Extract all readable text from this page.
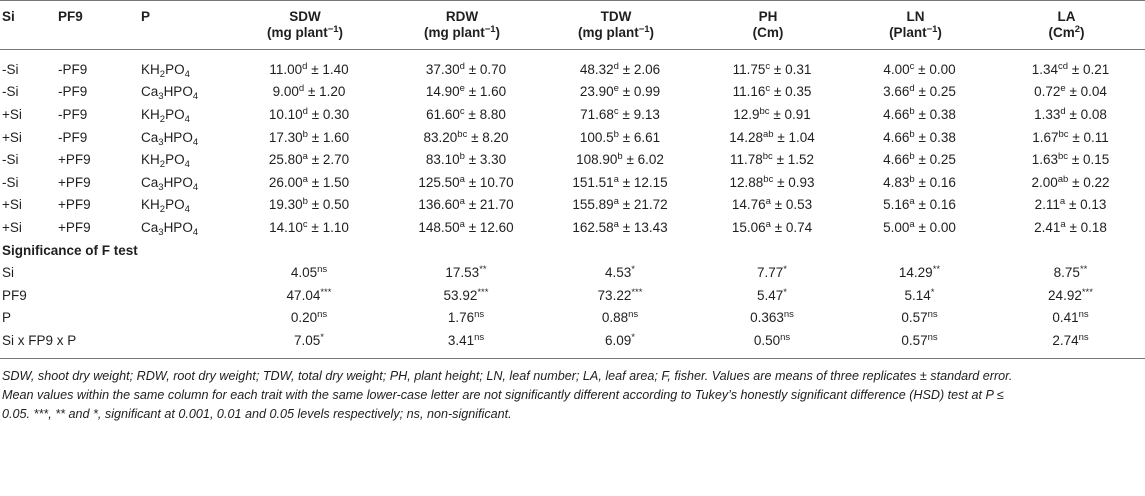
Si	PF9	P	SDW	RDW	TDW	PH	LN	LA
			(mg plant$^{-1}$)	(mg plant$^{-1}$)	(mg plant$^{-1}$)	(Cm)	(Plant$^{-1}$)	(Cm$^2$)
-Si	-PF9	$KH_2PO_4$	11.00$^d$ ± 1.40	37.30$^d$ ± 0.70	48.32$^d$ ± 2.06	11.75$^c$ ± 0.31	4.00$^c$ ± 0.00	1.34$^{cd}$ ± 0.21
-Si	-PF9	$Ca_3HPO_4$	9.00$^d$ ± 1.20	14.90$^e$ ± 1.60	23.90$^e$ ± 0.99	11.16$^c$ ± 0.35	3.66$^d$ ± 0.25	0.72$^e$ ± 0.04
+Si	-PF9	$KH_2PO_4$	10.10$^d$ ± 0.30	61.60$^c$ ± 8.80	71.68$^c$ ± 9.13	12.9$^{bc}$ ± 0.91	4.66$^b$ ± 0.38	1.33$^d$ ± 0.08
+Si	-PF9	$Ca_3HPO_4$	17.30$^b$ ± 1.60	83.20$^{bc}$ ± 8.20	100.5$^b$ ± 6.61	14.28$^{ab}$ ± 1.04	4.66$^b$ ± 0.38	1.67$^{bc}$ ± 0.11
-Si	+PF9	$KH_2PO_4$	25.80$^a$ ± 2.70	83.10$^b$ ± 3.30	108.90$^b$ ± 6.02	11.78$^{bc}$ ± 1.52	4.66$^b$ ± 0.25	1.63$^{bc}$ ± 0.15
-Si	+PF9	$Ca_3HPO_4$	26.00$^a$ ± 1.50	125.50$^a$ ± 10.70	151.51$^a$ ± 12.15	12.88$^{bc}$ ± 0.93	4.83$^b$ ± 0.16	2.00$^{ab}$ ± 0.22
+Si	+PF9	$KH_2PO_4$	19.30$^b$ ± 0.50	136.60$^a$ ± 21.70	155.89$^a$ ± 21.72	14.76$^a$ ± 0.53	5.16$^a$ ± 0.16	2.11$^a$ ± 0.13
+Si	+PF9	$Ca_3HPO_4$	14.10$^c$ ± 1.10	148.50$^a$ ± 12.60	162.58$^a$ ± 13.43	15.06$^a$ ± 0.74	5.00$^a$ ± 0.00	2.41$^a$ ± 0.18
Significance of F test								
Si			$4.05^{ns}$	17.53**	4.53*	7.77*	14.29**	8.75**
PF9			47.04***	53.92***	73.22***	5.47*	5.14*	24.92***
P			$0.20^{ns}$	$1.76^{ns}$	$0.88^{ns}$	$0.363^{ns}$	$0.57^{ns}$	$0.41^{ns}$
Si x FP9 x P			7.05*	$3.41^{ns}$	6.09*	$0.50^{ns}$	$0.57^{ns}$	$2.74^{ns}$
SDW, shoot dry weight; RDW, root dry weight; TDW, total dry weight; PH, plant height; LN, leaf number; LA, leaf area; F, fisher. Values are means of three replicates ± standard error.
Mean values within the same column for each trait with the same lower-case letter are not significantly different according to Tukey’s honestly significant difference (HSD) test at P ≤
0.05. ***, ** and *, significant at 0.001, 0.01 and 0.05 levels respectively; ns, non-significant.
